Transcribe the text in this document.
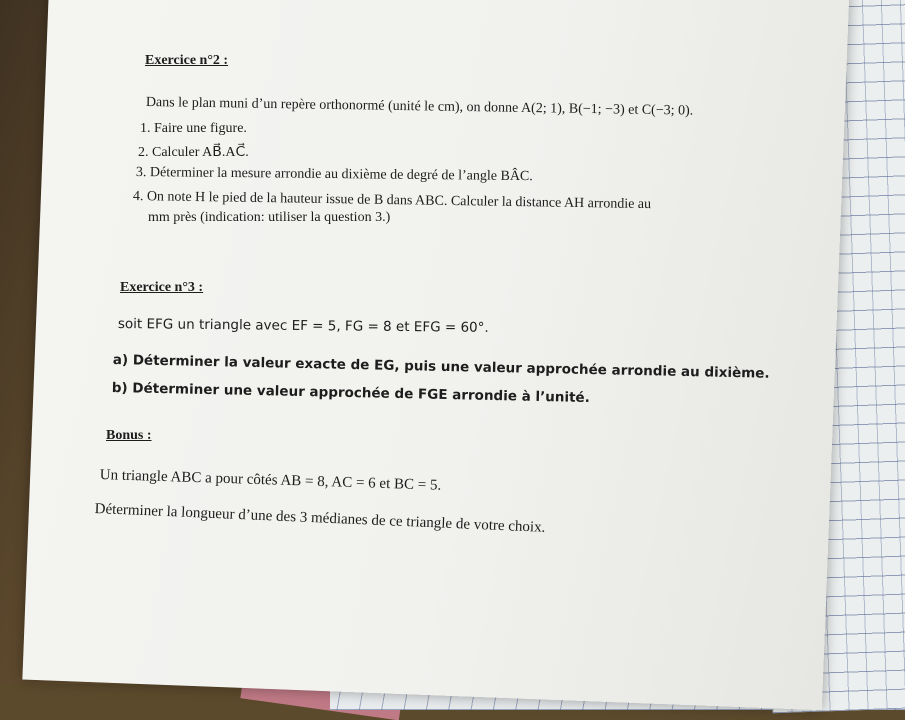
Exercice n°2 :
Dans le plan muni d’un repère orthonormé (unité le cm), on donne A(2; 1), B(−1; −3) et C(−3; 0).
1. Faire une figure.
2. Calculer AB⃗.AC⃗.
3. Déterminer la mesure arrondie au dixième de degré de l’angle BÂC.
4. On note H le pied de la hauteur issue de B dans ABC. Calculer la distance AH arrondie au
mm près (indication: utiliser la question 3.)
Exercice n°3 :
soit EFG un triangle avec EF = 5, FG = 8 et EFG = 60°.
a) Déterminer la valeur exacte de EG, puis une valeur approchée arrondie au dixième.
b) Déterminer une valeur approchée de FGE arrondie à l’unité.
Bonus :
Un triangle ABC a pour côtés AB = 8, AC = 6 et BC = 5.
Déterminer la longueur d’une des 3 médianes de ce triangle de votre choix.
